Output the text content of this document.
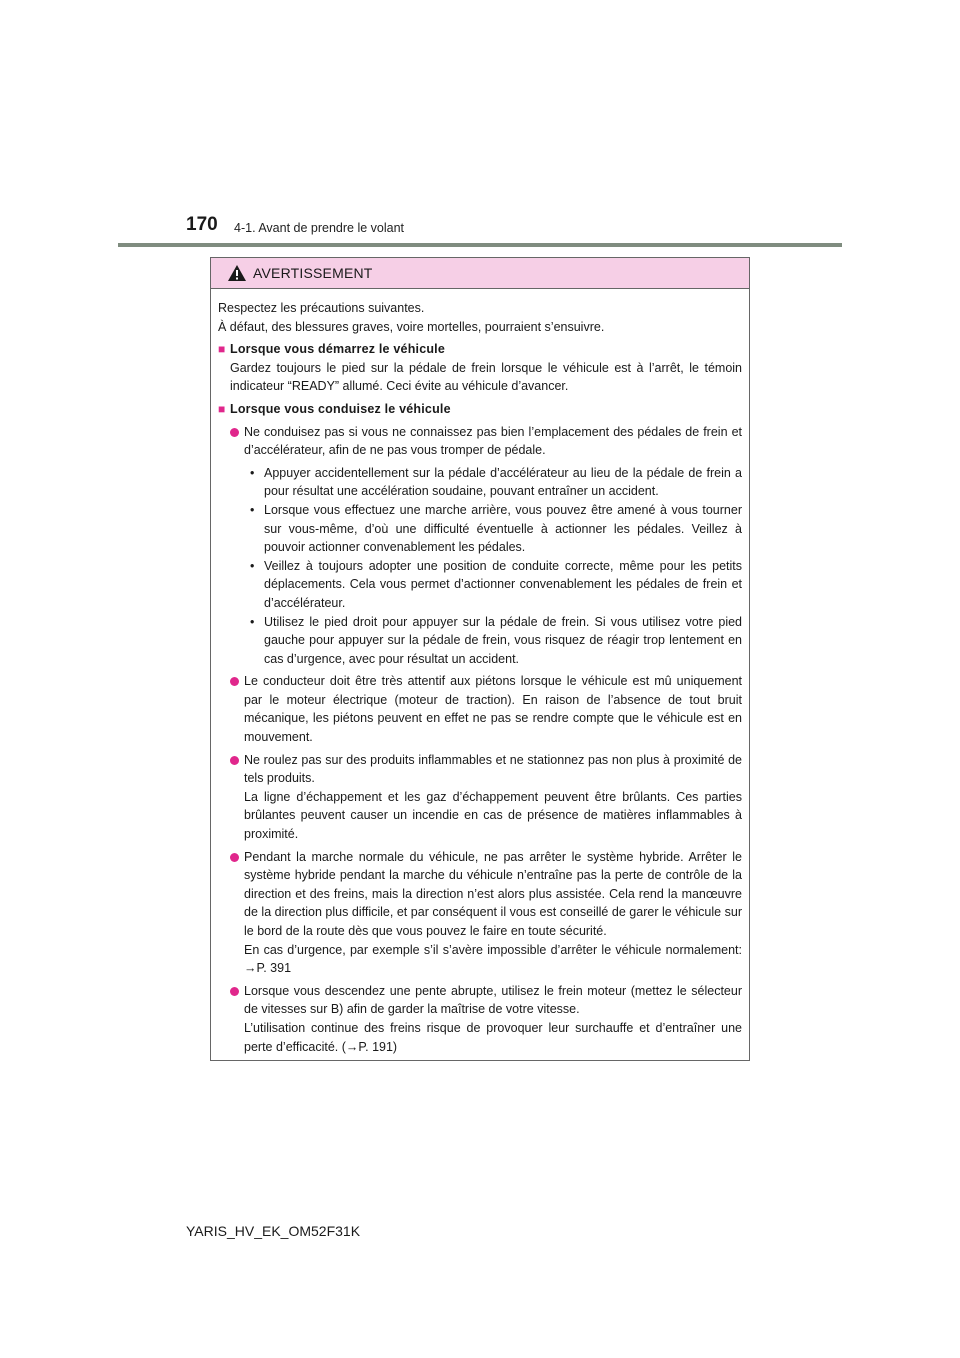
170 4-1. Avant de prendre le volant
AVERTISSEMENT

Respectez les précautions suivantes.

À défaut, des blessures graves, voire mortelles, pourraient s’ensuivre.

■ Lorsque vous démarrez le véhicule

Gardez toujours le pied sur la pédale de frein lorsque le véhicule est à l’arrêt, le témoin indicateur “READY” allumé. Ceci évite au véhicule d’avancer.

■ Lorsque vous conduisez le véhicule

Ne conduisez pas si vous ne connaissez pas bien l’emplacement des pédales de frein et d’accélérateur, afin de ne pas vous tromper de pédale.

• Appuyer accidentellement sur la pédale d’accélérateur au lieu de la pédale de frein a pour résultat une accélération soudaine, pouvant entraîner un accident.
• Lorsque vous effectuez une marche arrière, vous pouvez être amené à vous tourner sur vous-même, d’où une difficulté éventuelle à actionner les pédales. Veillez à pouvoir actionner convenablement les pédales.
• Veillez à toujours adopter une position de conduite correcte, même pour les petits déplacements. Cela vous permet d’actionner convenablement les pédales de frein et d’accélérateur.
• Utilisez le pied droit pour appuyer sur la pédale de frein. Si vous utilisez votre pied gauche pour appuyer sur la pédale de frein, vous risquez de réagir trop lentement en cas d’urgence, avec pour résultat un accident.

Le conducteur doit être très attentif aux piétons lorsque le véhicule est mû uniquement par le moteur électrique (moteur de traction). En raison de l’absence de tout bruit mécanique, les piétons peuvent en effet ne pas se rendre compte que le véhicule est en mouvement.

Ne roulez pas sur des produits inflammables et ne stationnez pas non plus à proximité de tels produits.

La ligne d’échappement et les gaz d’échappement peuvent être brûlants. Ces parties brûlantes peuvent causer un incendie en cas de présence de matières inflammables à proximité.

Pendant la marche normale du véhicule, ne pas arrêter le système hybride. Arrêter le système hybride pendant la marche du véhicule n’entraîne pas la perte de contrôle de la direction et des freins, mais la direction n’est alors plus assistée. Cela rend la manœuvre de la direction plus difficile, et par conséquent il vous est conseillé de garer le véhicule sur le bord de la route dès que vous pouvez le faire en toute sécurité.

En cas d’urgence, par exemple s’il s’avère impossible d’arrêter le véhicule normalement: →P. 391

Lorsque vous descendez une pente abrupte, utilisez le frein moteur (mettez le sélecteur de vitesses sur B) afin de garder la maîtrise de votre vitesse.

L’utilisation continue des freins risque de provoquer leur surchauffe et d’entraîner une perte d’efficacité. (→P. 191)

YARIS_HV_EK_OM52F31K
